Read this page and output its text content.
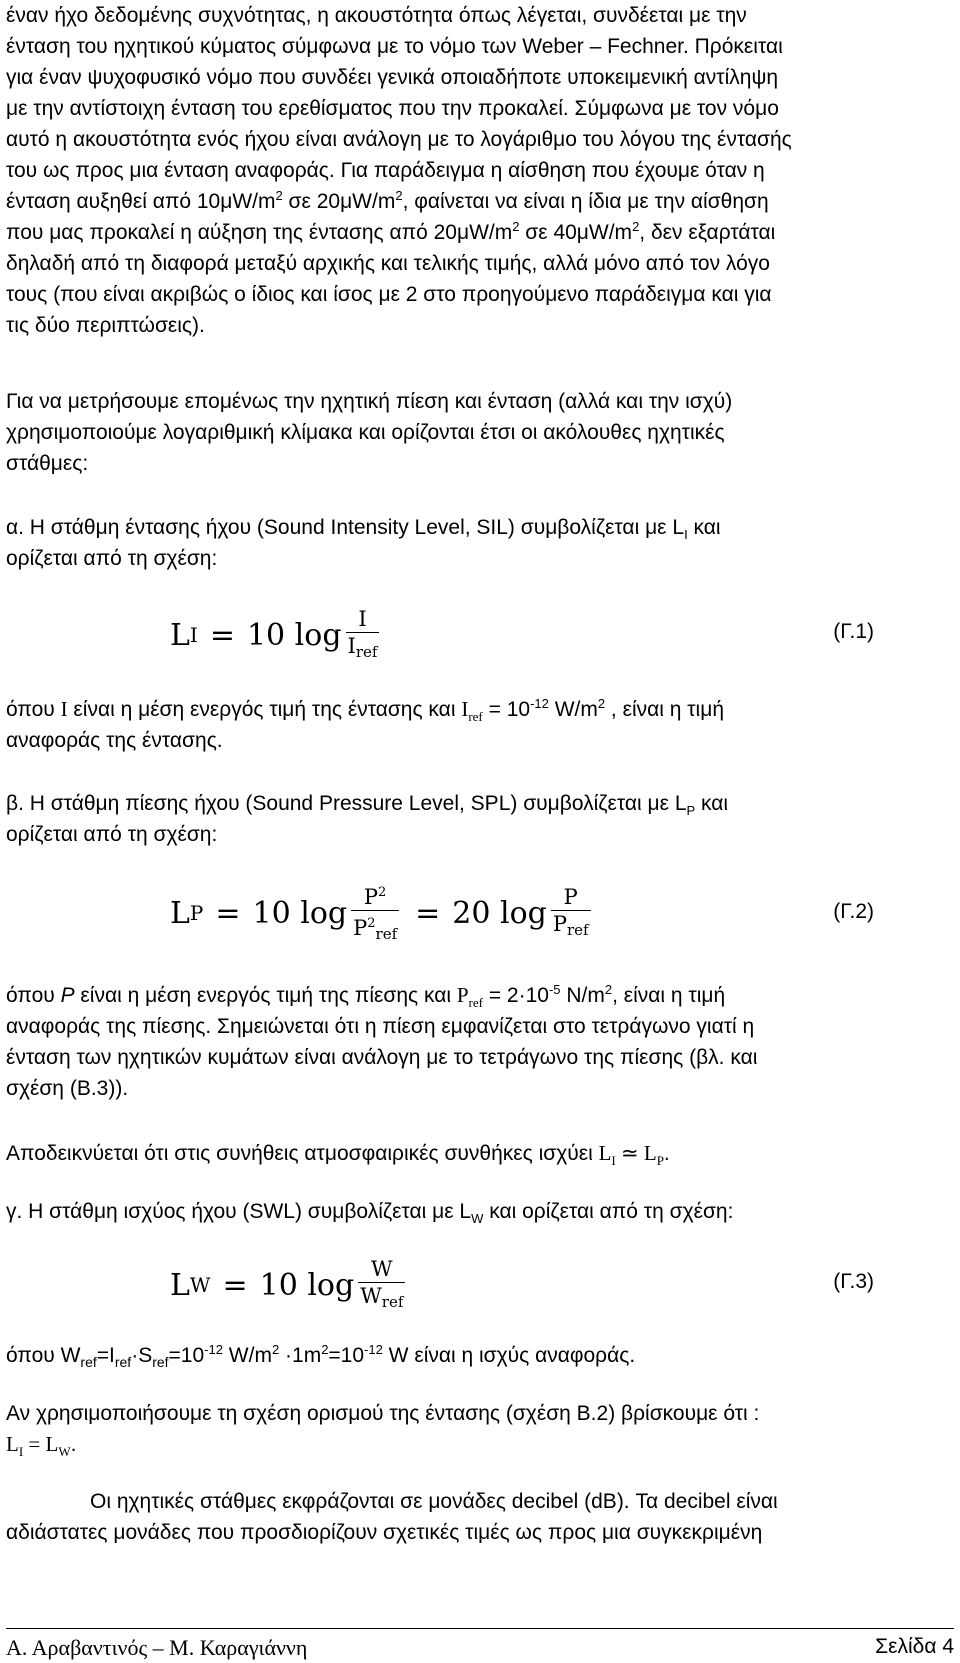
έναν ήχο δεδομένης συχνότητας, η ακουστότητα όπως λέγεται, συνδέεται με την
ένταση του ηχητικού κύματος σύμφωνα με το νόμο των Weber – Fechner. Πρόκειται
για έναν ψυχοφυσικό νόμο που συνδέει γενικά οποιαδήποτε υποκειμενική αντίληψη
με την αντίστοιχη ένταση του ερεθίσματος που την προκαλεί. Σύμφωνα με τον νόμο
αυτό η ακουστότητα ενός ήχου είναι ανάλογη με το λογάριθμο του λόγου της έντασής
του ως προς μια ένταση αναφοράς. Για παράδειγμα η αίσθηση που έχουμε όταν η
ένταση αυξηθεί από $10\mu W/m^2$ σε $20\mu W/m^2$, φαίνεται να είναι η ίδια με την αίσθηση
που μας προκαλεί η αύξηση της έντασης από $20\mu W/m^2$ σε $40\mu W/m^2$, δεν εξαρτάται
δηλαδή από τη διαφορά μεταξύ αρχικής και τελικής τιμής, αλλά μόνο από τον λόγο
τους (που είναι ακριβώς ο ίδιος και ίσος με 2 στο προηγούμενο παράδειγμα και για
τις δύο περιπτώσεις).
Για να μετρήσουμε επομένως την ηχητική πίεση και ένταση (αλλά και την ισχύ)
χρησιμοποιούμε λογαριθμική κλίμακα και ορίζονται έτσι οι ακόλουθες ηχητικές
στάθμες:
α. Η στάθμη έντασης ήχου (Sound Intensity Level, SIL) συμβολίζεται με $L_I$ και
ορίζεται από τη σχέση:
L I = 10 $\log \frac{I}{\text{Iref}}$	(Γ.1)
όπου I είναι η μέση ενεργός τιμή της έντασης και $I_{ref} = 10^{-12}$ $W/m^2$ , είναι η τιμή
αναφοράς της έντασης.
β. Η στάθμη πίεσης ήχου (Sound Pressure Level, SPL) συμβολίζεται με $L_P$ και
ορίζεται από τη σχέση:
L P = 10 $\log \frac{P^2}{P^2ref} = 20$ $\log \frac{P}{\text{Pref}}$	(Γ.2)
όπου P είναι η μέση ενεργός τιμή της πίεσης και $P_{ref} = 2\cdot 10^{-5}$ $N/m^2$, είναι η τιμή
αναφοράς της πίεσης. Σημειώνεται ότι η πίεση εμφανίζεται στο τετράγωνο γιατί η
ένταση των ηχητικών κυμάτων είναι ανάλογη με το τετράγωνο της πίεσης (βλ. και
σχέση (Β.3)).
Αποδεικνύεται ότι στις συνήθεις ατμοσφαιρικές συνθήκες ισχύει $L_I$ ≃ $L_P$.
γ. Η στάθμη ισχύος ήχου (SWL) συμβολίζεται με $L_W$ και ορίζεται από τη σχέση:
L W = 10 $\log \frac{W}{\text{Wref}}$	(Γ.3)
όπου $W_{ref}=I_{ref}\cdot S_{ref}=10^{-12}$ $W/m^2 \cdot 1m^2=10^{-12}$ W είναι η ισχύς αναφοράς.
Αν χρησιμοποιήσουμε τη σχέση ορισμού της έντασης (σχέση Β.2) βρίσκουμε ότι :
$L_I = L_W$.
Οι ηχητικές στάθμες εκφράζονται σε μονάδες decibel (dB). Τα decibel είναι
αδιάστατες μονάδες που προσδιορίζουν σχετικές τιμές ως προς μια συγκεκριμένη
Α. Αραβαντινός – Μ. Καραγιάννη	Σελίδα 4
